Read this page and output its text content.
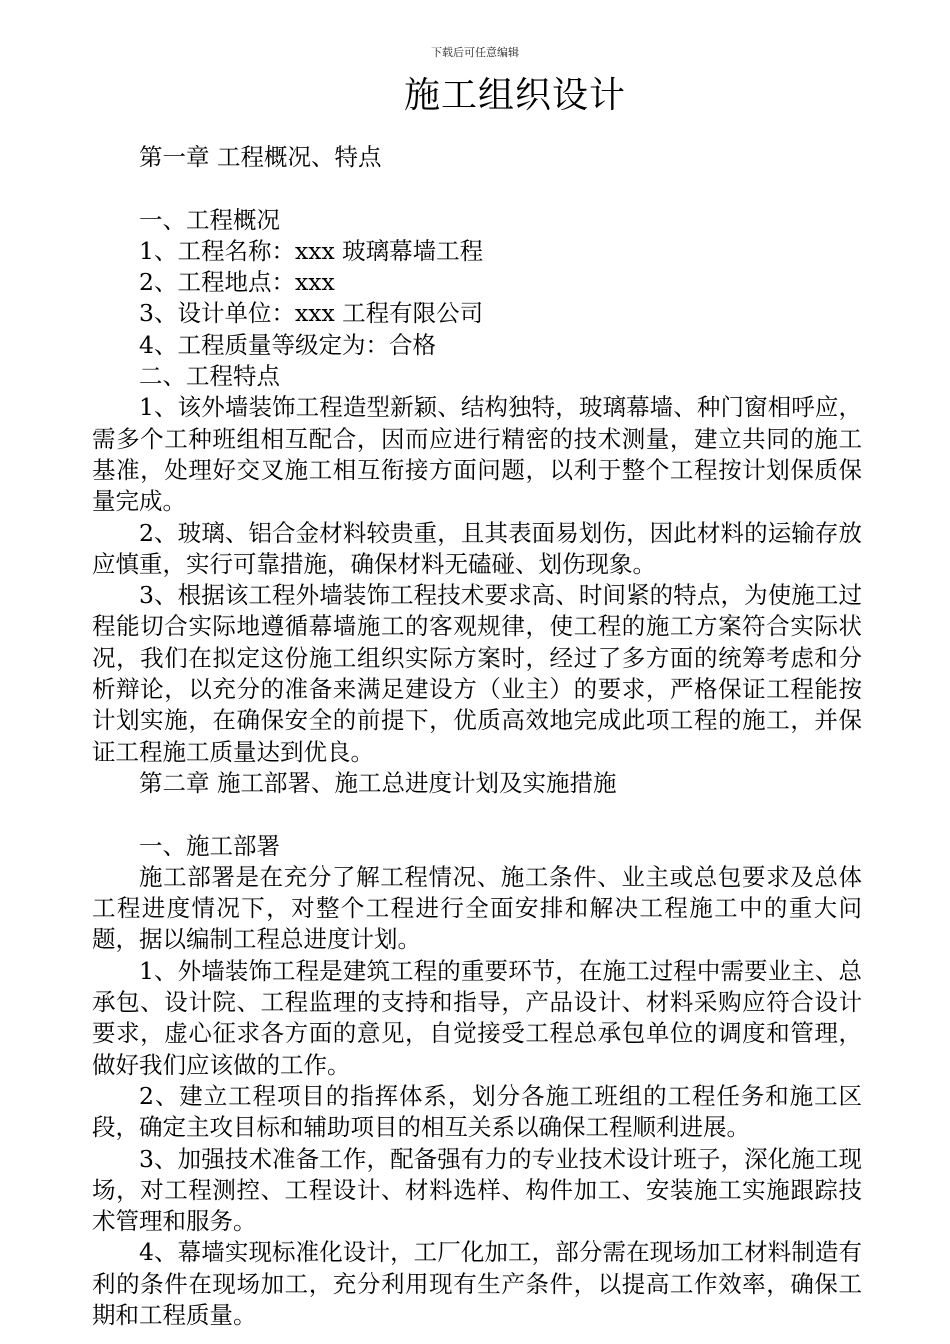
下载后可任意编辑
施工组织设计

第一章 工程概况、特点

一、工程概况

1、工程名称：xxx 玻璃幕墙工程

2、工程地点：xxx

3、设计单位：xxx 工程有限公司

4、工程质量等级定为：合格

二、工程特点

1、该外墙装饰工程造型新颖、结构独特，玻璃幕墙、种门窗相呼应，需多个工种班组相互配合，因而应进行精密的技术测量，建立共同的施工基准，处理好交叉施工相互衔接方面问题，以利于整个工程按计划保质保量完成。

2、玻璃、铝合金材料较贵重，且其表面易划伤，因此材料的运输存放应慎重，实行可靠措施，确保材料无磕碰、划伤现象。

3、根据该工程外墙装饰工程技术要求高、时间紧的特点，为使施工过程能切合实际地遵循幕墙施工的客观规律，使工程的施工方案符合实际状况，我们在拟定这份施工组织实际方案时，经过了多方面的统筹考虑和分析辩论，以充分的准备来满足建设方（业主）的要求，严格保证工程能按计划实施，在确保安全的前提下，优质高效地完成此项工程的施工，并保证工程施工质量达到优良。

第二章 施工部署、施工总进度计划及实施措施

一、施工部署

施工部署是在充分了解工程情况、施工条件、业主或总包要求及总体工程进度情况下，对整个工程进行全面安排和解决工程施工中的重大问题，据以编制工程总进度计划。

1、外墙装饰工程是建筑工程的重要环节，在施工过程中需要业主、总承包、设计院、工程监理的支持和指导，产品设计、材料采购应符合设计要求，虚心征求各方面的意见，自觉接受工程总承包单位的调度和管理，做好我们应该做的工作。

2、建立工程项目的指挥体系，划分各施工班组的工程任务和施工区段，确定主攻目标和辅助项目的相互关系以确保工程顺利进展。

3、加强技术准备工作，配备强有力的专业技术设计班子，深化施工现场，对工程测控、工程设计、材料选样、构件加工、安装施工实施跟踪技术管理和服务。

4、幕墙实现标准化设计，工厂化加工，部分需在现场加工材料制造有利的条件在现场加工，充分利用现有生产条件，以提高工作效率，确保工期和工程质量。
